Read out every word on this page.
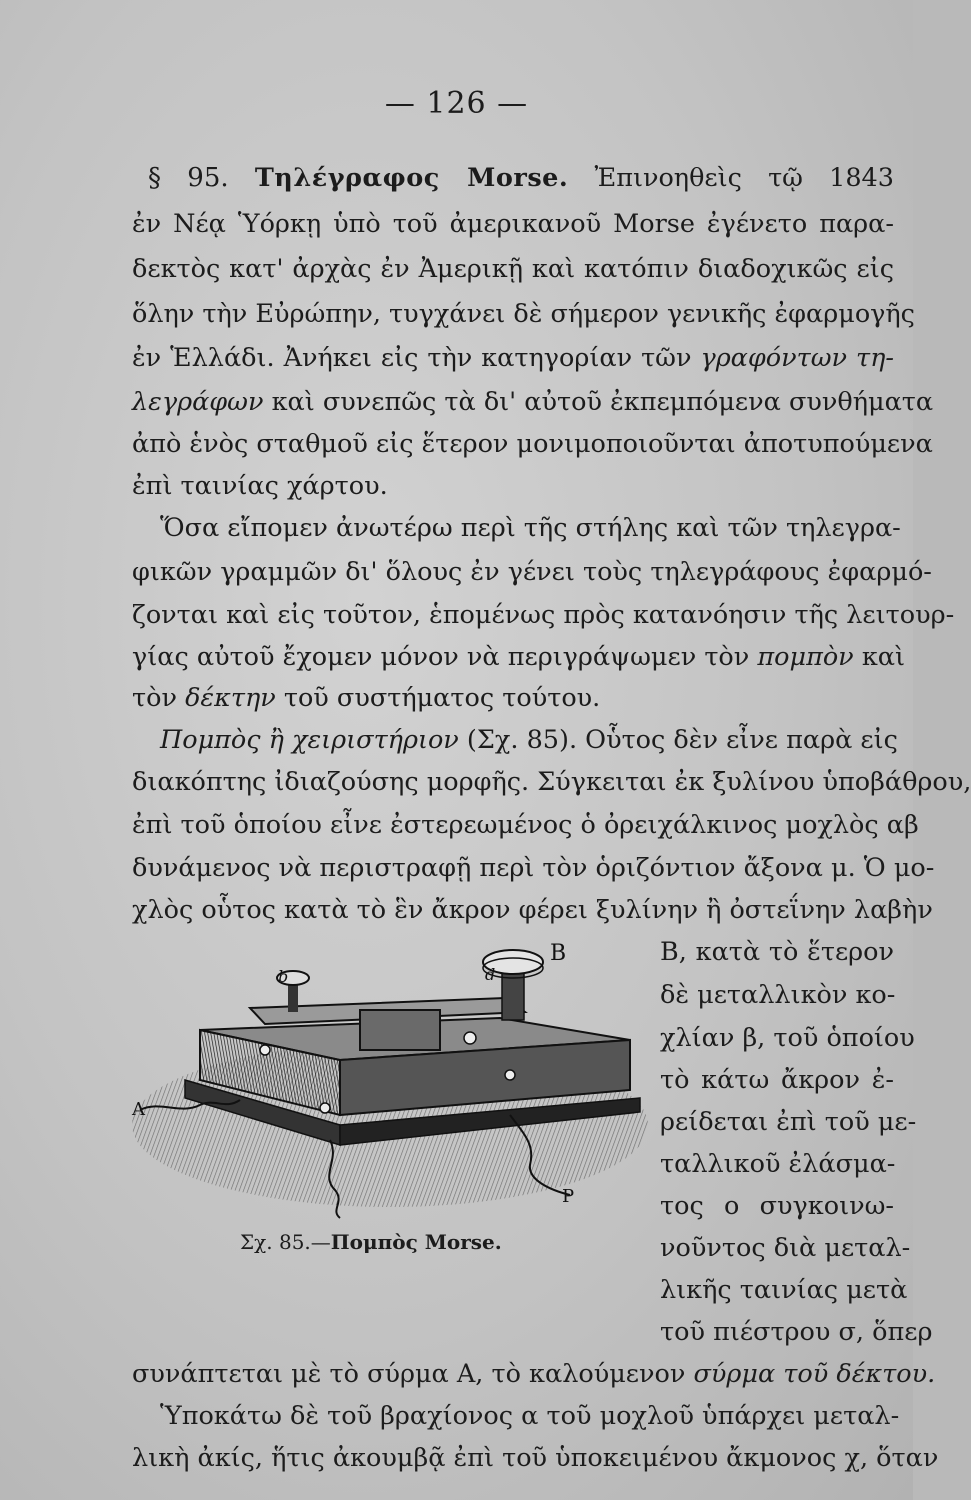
— 126 —
§ 95. Τηλέγραφος Morse. Ἐπινοηθεὶς τῷ 1843
ἐν Νέᾳ Ὑόρκῃ ὑπὸ τοῦ ἀμερικανοῦ Morse ἐγένετο παρα-
δεκτὸς κατ' ἀρχὰς ἐν Ἀμερικῇ καὶ κατόπιν διαδοχικῶς εἰς
ὅλην τὴν Εὐρώπην, τυγχάνει δὲ σήμερον γενικῆς ἐφαρμογῆς
ἐν Ἑλλάδι. Ἀνήκει εἰς τὴν κατηγορίαν τῶν γραφόντων τη-
λεγράφων καὶ συνεπῶς τὰ δι' αὐτοῦ ἐκπεμπόμενα συνθήματα
ἀπὸ ἑνὸς σταθμοῦ εἰς ἕτερον μονιμοποιοῦνται ἀποτυπούμενα
ἐπὶ ταινίας χάρτου.
Ὅσα εἴπομεν ἀνωτέρω περὶ τῆς στήλης καὶ τῶν τηλεγρα-
φικῶν γραμμῶν δι' ὅλους ἐν γένει τοὺς τηλεγράφους ἐφαρμό-
ζονται καὶ εἰς τοῦτον, ἑπομένως πρὸς κατανόησιν τῆς λειτουρ-
γίας αὐτοῦ ἔχομεν μόνον νὰ περιγράψωμεν τὸν πομπὸν καὶ
τὸν δέκτην τοῦ συστήματος τούτου.
Πομπὸς ἢ χειριστήριον (Σχ. 85). Οὗτος δὲν εἶνε παρὰ εἰς
διακόπτης ἰδιαζούσης μορφῆς. Σύγκειται ἐκ ξυλίνου ὑποβάθρου,
ἐπὶ τοῦ ὁποίου εἶνε ἐστερεωμένος ὁ ὀρειχάλκινος μοχλὸς αβ
δυνάμενος νὰ περιστραφῇ περὶ τὸν ὁριζόντιον ἄξονα μ. Ὁ μο-
χλὸς οὗτος κατὰ τὸ ἓν ἄκρον φέρει ξυλίνην ἢ ὀστεΐνην λαβὴν
Β, κατὰ τὸ ἕτερον
δὲ μεταλλικὸν κο-
χλίαν β, τοῦ ὁποίου
τὸ κάτω ἄκρον ἐ-
ρείδεται ἐπὶ τοῦ με-
ταλλικοῦ ἐλάσμα-
τος ο συγκοινω-
νοῦντος διὰ μεταλ-
λικῆς ταινίας μετὰ
τοῦ πιέστρου σ, ὅπερ
b	d
B
A
P
Σχ. 85.—Πομπὸς Morse.
συνάπτεται μὲ τὸ σύρμα Α, τὸ καλούμενον σύρμα τοῦ δέκτου.
Ὑποκάτω δὲ τοῦ βραχίονος α τοῦ μοχλοῦ ὑπάρχει μεταλ-
λικὴ ἀκίς, ἥτις ἀκουμβᾷ ἐπὶ τοῦ ὑποκειμένου ἄκμονος χ, ὅταν
